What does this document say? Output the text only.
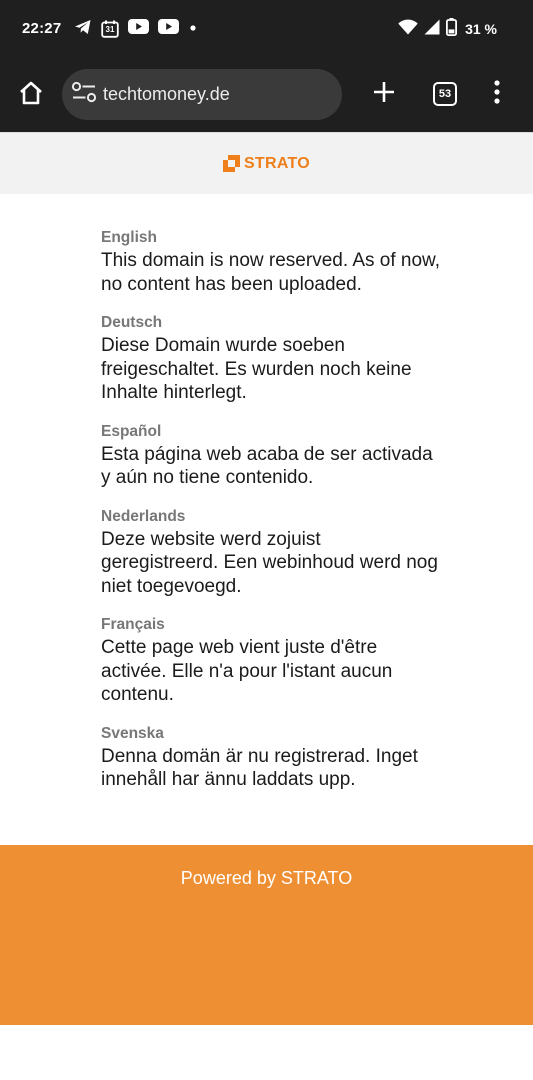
22:27	31	31 %
techtomoney.de	53
STRATO
English
This domain is now reserved. As of now, no content has been uploaded.
Deutsch
Diese Domain wurde soeben freigeschaltet. Es wurden noch keine Inhalte hinterlegt.
Español
Esta página web acaba de ser activada y aún no tiene contenido.
Nederlands
Deze website werd zojuist geregistreerd. Een webinhoud werd nog niet toegevoegd.
Français
Cette page web vient juste d'être activée. Elle n'a pour l'istant aucun contenu.
Svenska
Denna domän är nu registrerad. Inget innehåll har ännu laddats upp.
Powered by STRATO
